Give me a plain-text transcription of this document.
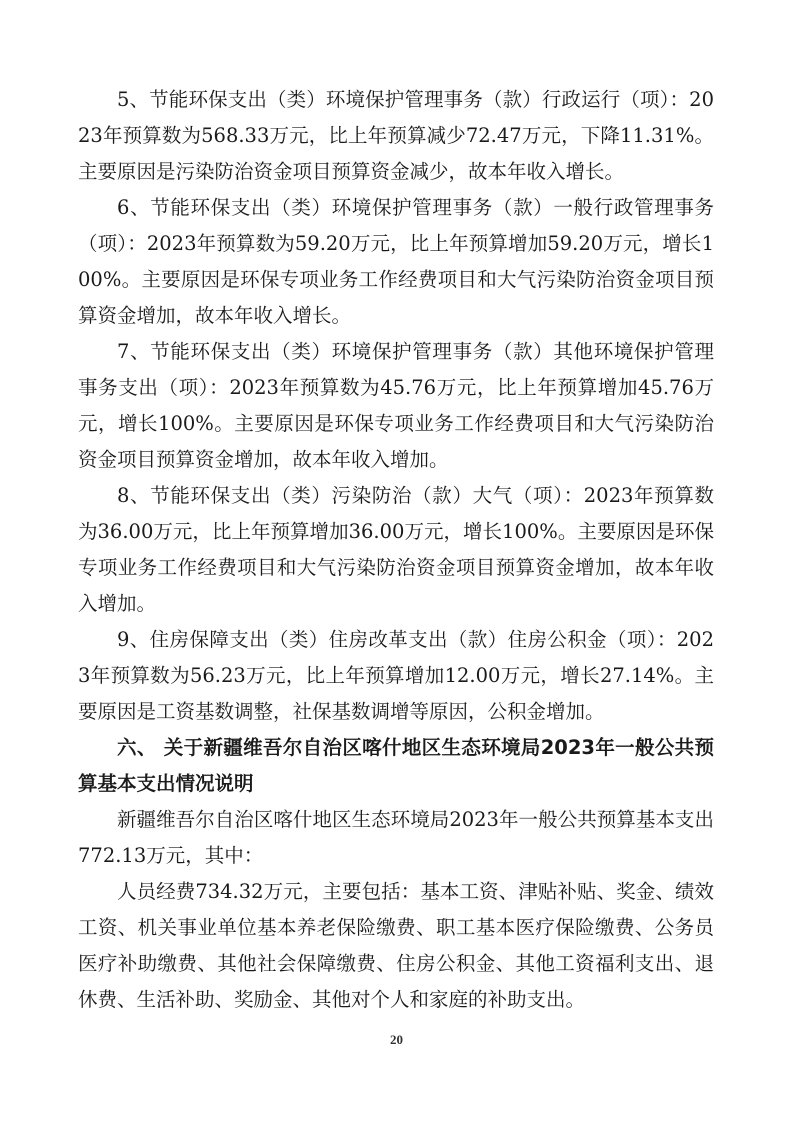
5、节能环保支出（类）环境保护管理事务（款）行政运行（项）：2023年预算数为568.33万元，比上年预算减少72.47万元，下降11.31%。主要原因是污染防治资金项目预算资金减少，故本年收入增长。

6、节能环保支出（类）环境保护管理事务（款）一般行政管理事务（项）：2023年预算数为59.20万元，比上年预算增加59.20万元，增长100%。主要原因是环保专项业务工作经费项目和大气污染防治资金项目预算资金增加，故本年收入增长。

7、节能环保支出（类）环境保护管理事务（款）其他环境保护管理事务支出（项）：2023年预算数为45.76万元，比上年预算增加45.76万元，增长100%。主要原因是环保专项业务工作经费项目和大气污染防治资金项目预算资金增加，故本年收入增加。

8、节能环保支出（类）污染防治（款）大气（项）：2023年预算数为36.00万元，比上年预算增加36.00万元，增长100%。主要原因是环保专项业务工作经费项目和大气污染防治资金项目预算资金增加，故本年收入增加。

9、住房保障支出（类）住房改革支出（款）住房公积金（项）：2023年预算数为56.23万元，比上年预算增加12.00万元，增长27.14%。主要原因是工资基数调整，社保基数调增等原因，公积金增加。

六、 关于新疆维吾尔自治区喀什地区生态环境局2023年一般公共预算基本支出情况说明

新疆维吾尔自治区喀什地区生态环境局2023年一般公共预算基本支出772.13万元，其中：

人员经费734.32万元，主要包括：基本工资、津贴补贴、奖金、绩效工资、机关事业单位基本养老保险缴费、职工基本医疗保险缴费、公务员医疗补助缴费、其他社会保障缴费、住房公积金、其他工资福利支出、退休费、生活补助、奖励金、其他对个人和家庭的补助支出。

20
